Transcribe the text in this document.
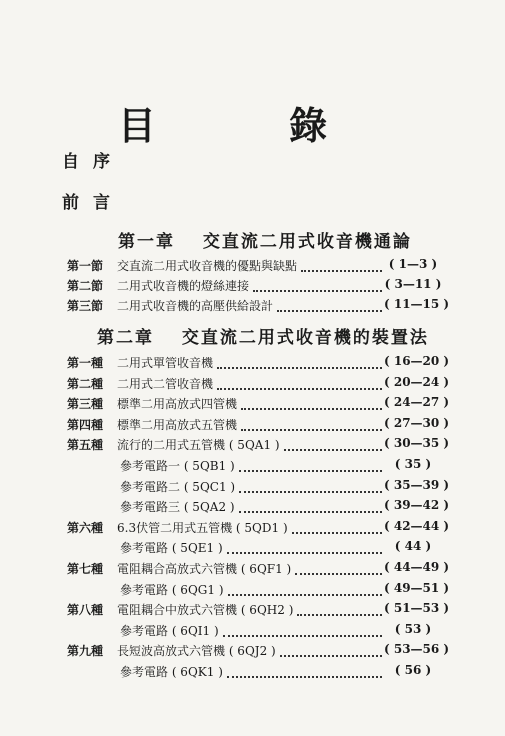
目 錄
自序
前言
第一章 交直流二用式收音機通論
第一節 交直流二用式收音機的優點與缺點	( 1—3 )
第二節 二用式收音機的燈絲連接	( 3—11 )
第三節 二用式收音機的高壓供給設計	( 11—15 )
第二章 交直流二用式收音機的裝置法
第一種 二用式單管收音機	( 16—20 )
第二種 二用式二管收音機	( 20—24 )
第三種 標準二用高放式四管機	( 24—27 )
第四種 標準二用高放式五管機	( 27—30 )
第五種 流行的二用式五管機 ( 5QA1 )	( 30—35 )
參考電路一 ( 5QB1 )	( 35 )
參考電路二 ( 5QC1 )	( 35—39 )
參考電路三 ( 5QA2 )	( 39—42 )
第六種 6.3伏管二用式五管機 ( 5QD1 )	( 42—44 )
參考電路 ( 5QE1 )	( 44 )
第七種 電阻耦合高放式六管機 ( 6QF1 )	( 44—49 )
參考電路 ( 6QG1 )	( 49—51 )
第八種 電阻耦合中放式六管機 ( 6QH2 )	( 51—53 )
參考電路 ( 6QI1 )	( 53 )
第九種 長短波高放式六管機 ( 6QJ2 )	( 53—56 )
參考電路 ( 6QK1 )	( 56 )
